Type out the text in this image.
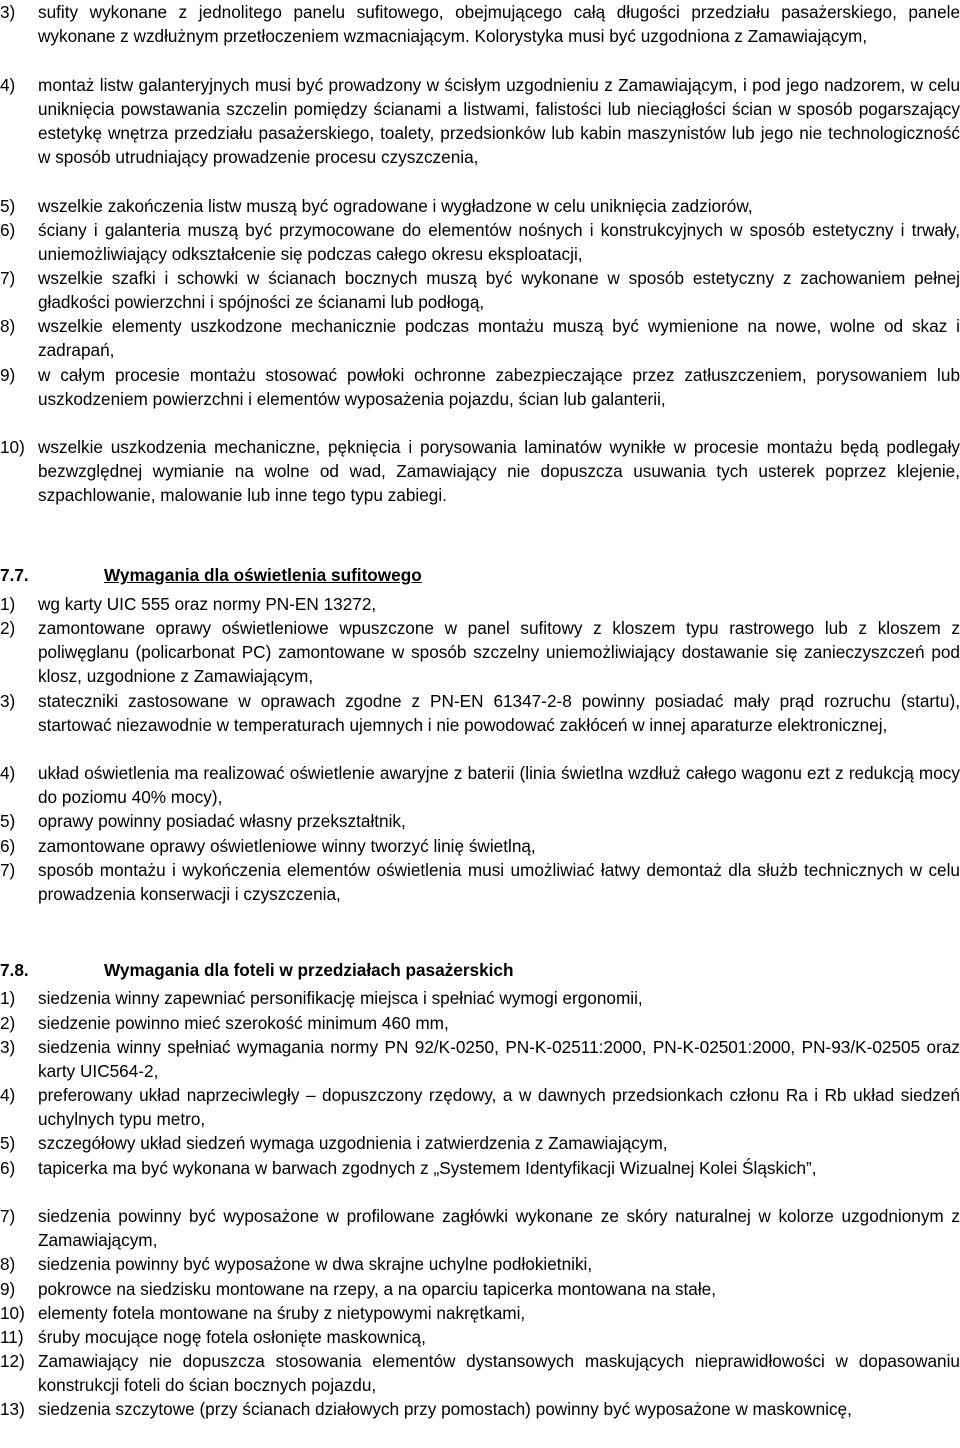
3) sufity wykonane z jednolitego panelu sufitowego, obejmującego całą długości przedziału pasażerskiego, panele wykonane z wzdłużnym przetłoczeniem wzmacniającym. Kolorystyka musi być uzgodniona z Zamawiającym,
4) montaż listw galanteryjnych musi być prowadzony w ścisłym uzgodnieniu z Zamawiającym, i pod jego nadzorem, w celu uniknięcia powstawania szczelin pomiędzy ścianami a listwami, falistości lub nieciągłości ścian w sposób pogarszający estetykę wnętrza przedziału pasażerskiego, toalety, przedsionków lub kabin maszynistów lub jego nie technologiczność w sposób utrudniający prowadzenie procesu czyszczenia,
5) wszelkie zakończenia listw muszą być ogradowane i wygładzone w celu uniknięcia zadziorów,
6) ściany i galanteria muszą być przymocowane do elementów nośnych i konstrukcyjnych w sposób estetyczny i trwały, uniemożliwiający odkształcenie się podczas całego okresu eksploatacji,
7) wszelkie szafki i schowki w ścianach bocznych muszą być wykonane w sposób estetyczny z zachowaniem pełnej gładkości powierzchni i spójności ze ścianami lub podłogą,
8) wszelkie elementy uszkodzone mechanicznie podczas montażu muszą być wymienione na nowe, wolne od skaz i zadrapań,
9) w całym procesie montażu stosować powłoki ochronne zabezpieczające przez zatłuszczeniem, porysowaniem lub uszkodzeniem powierzchni i elementów wyposażenia pojazdu, ścian lub galanterii,
10) wszelkie uszkodzenia mechaniczne, pęknięcia i porysowania laminatów wynikłe w procesie montażu będą podlegały bezwzględnej wymianie na wolne od wad, Zamawiający nie dopuszcza usuwania tych usterek poprzez klejenie, szpachlowanie, malowanie lub inne tego typu zabiegi.
7.7.	Wymagania dla oświetlenia sufitowego
1) wg karty UIC 555 oraz normy PN-EN 13272,
2) zamontowane oprawy oświetleniowe wpuszczone w panel sufitowy z kloszem typu rastrowego lub z kloszem z poliwęglanu (policarbonat PC) zamontowane w sposób szczelny uniemożliwiający dostawanie się zanieczyszczeń pod klosz, uzgodnione z Zamawiającym,
3) stateczniki zastosowane w oprawach zgodne z PN-EN 61347-2-8 powinny posiadać mały prąd rozruchu (startu), startować niezawodnie w temperaturach ujemnych i nie powodować zakłóceń w innej aparaturze elektronicznej,
4) układ oświetlenia ma realizować oświetlenie awaryjne z baterii (linia świetlna wzdłuż całego wagonu ezt z redukcją mocy do poziomu 40% mocy),
5) oprawy powinny posiadać własny przekształtnik,
6) zamontowane oprawy oświetleniowe winny tworzyć linię świetlną,
7) sposób montażu i wykończenia elementów oświetlenia musi umożliwiać łatwy demontaż dla służb technicznych w celu prowadzenia konserwacji i czyszczenia,
7.8.	Wymagania dla foteli w przedziałach pasażerskich
1) siedzenia winny zapewniać personifikację miejsca i spełniać wymogi ergonomii,
2) siedzenie powinno mieć szerokość minimum 460 mm,
3) siedzenia winny spełniać wymagania normy PN 92/K-0250, PN-K-02511:2000, PN-K-02501:2000, PN-93/K-02505 oraz karty UIC564-2,
4) preferowany układ naprzeciwległy – dopuszczony rzędowy, a w dawnych przedsionkach członu Ra i Rb układ siedzeń uchylnych typu metro,
5) szczegółowy układ siedzeń wymaga uzgodnienia i zatwierdzenia z Zamawiającym,
6) tapicerka ma być wykonana w barwach zgodnych z „Systemem Identyfikacji Wizualnej Kolei Śląskich”,
7) siedzenia powinny być wyposażone w profilowane zagłówki wykonane ze skóry naturalnej w kolorze uzgodnionym z Zamawiającym,
8) siedzenia powinny być wyposażone w dwa skrajne uchylne podłokietniki,
9) pokrowce na siedzisku montowane na rzepy, a na oparciu tapicerka montowana na stałe,
10) elementy fotela montowane na śruby z nietypowymi nakrętkami,
11) śruby mocujące nogę fotela osłonięte maskownicą,
12) Zamawiający nie dopuszcza stosowania elementów dystansowych maskujących nieprawidłowości w dopasowaniu konstrukcji foteli do ścian bocznych pojazdu,
13) siedzenia szczytowe (przy ścianach działowych przy pomostach) powinny być wyposażone w maskownicę,
